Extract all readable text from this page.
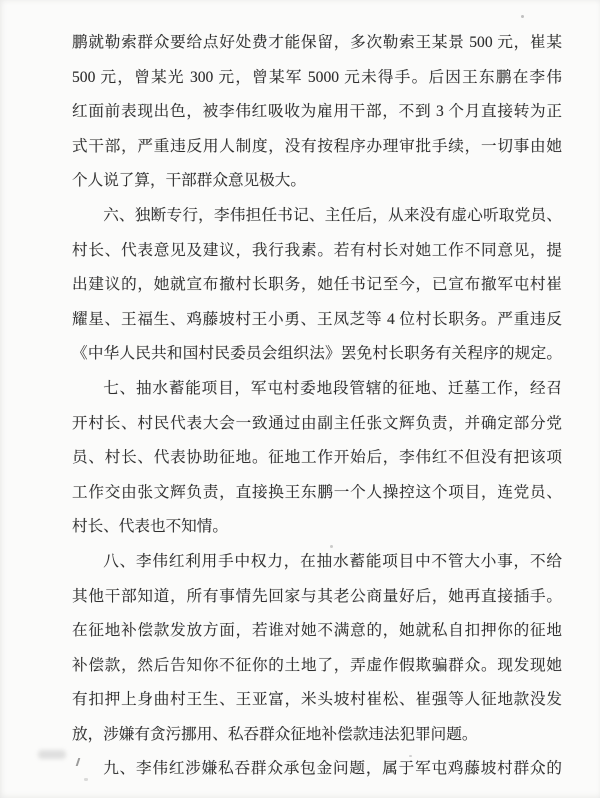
鹏就勒索群众要给点好处费才能保留，多次勒索王某景 500 元，崔某
500 元，曾某光 300 元，曾某军 5000 元未得手。后因王东鹏在李伟
红面前表现出色，被李伟红吸收为雇用干部，不到 3 个月直接转为正
式干部，严重违反用人制度，没有按程序办理审批手续，一切事由她
个人说了算，干部群众意见极大。
六、独断专行，李伟担任书记、主任后，从来没有虚心听取党员、
村长、代表意见及建议，我行我素。若有村长对她工作不同意见，提
出建议的，她就宣布撤村长职务，她任书记至今，已宣布撤军屯村崔
耀星、王福生、鸡藤坡村王小勇、王凤芝等 4 位村长职务。严重违反
《中华人民共和国村民委员会组织法》罢免村长职务有关程序的规定。
七、抽水蓄能项目，军屯村委地段管辖的征地、迁墓工作，经召
开村长、村民代表大会一致通过由副主任张文辉负责，并确定部分党
员、村长、代表协助征地。征地工作开始后，李伟红不但没有把该项
工作交由张文辉负责，直接换王东鹏一个人操控这个项目，连党员、
村长、代表也不知情。
八、李伟红利用手中权力，在抽水蓄能项目中不管大小事，不给
其他干部知道，所有事情先回家与其老公商量好后，她再直接插手。
在征地补偿款发放方面，若谁对她不满意的，她就私自扣押你的征地
补偿款，然后告知你不征你的土地了，弄虚作假欺骗群众。现发现她
有扣押上身曲村王生、王亚富，米头坡村崔松、崔强等人征地款没发
放，涉嫌有贪污挪用、私吞群众征地补偿款违法犯罪问题。
九、李伟红涉嫌私吞群众承包金问题，属于军屯鸡藤坡村群众的
